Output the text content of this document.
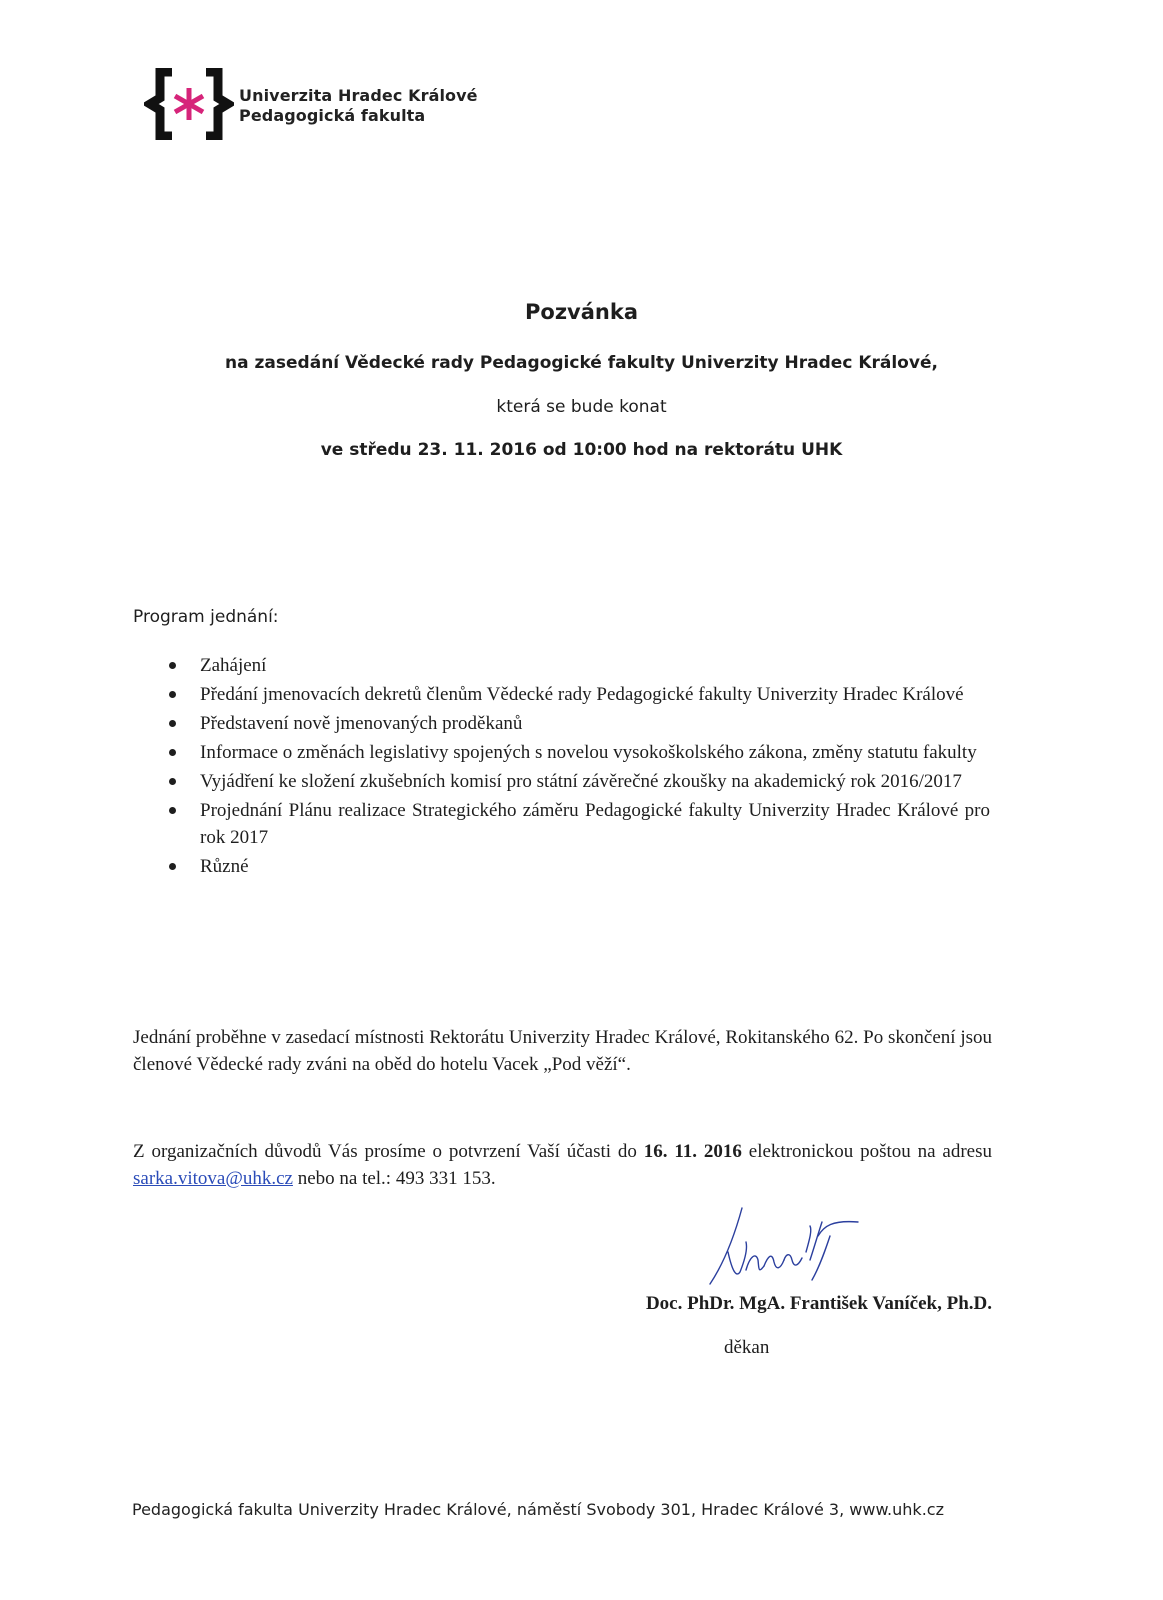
Univerzita Hradec Králové
Pedagogická fakulta
Pozvánka
na zasedání Vědecké rady Pedagogické fakulty Univerzity Hradec Králové,
která se bude konat
ve středu 23. 11. 2016 od 10:00 hod na rektorátu UHK
Program jednání:
Zahájení
Předání jmenovacích dekretů členům Vědecké rady Pedagogické fakulty Univerzity Hradec Králové
Představení nově jmenovaných proděkanů
Informace o změnách legislativy spojených s novelou vysokoškolského zákona, změny statutu fakulty
Vyjádření ke složení zkušebních komisí pro státní závěrečné zkoušky na akademický rok 2016/2017
Projednání Plánu realizace Strategického záměru Pedagogické fakulty Univerzity Hradec Králové pro rok 2017
Různé
Jednání proběhne v zasedací místnosti Rektorátu Univerzity Hradec Králové, Rokitanského 62. Po skončení jsou členové Vědecké rady zváni na oběd do hotelu Vacek „Pod věží“.
Z organizačních důvodů Vás prosíme o potvrzení Vaší účasti do 16. 11. 2016 elektronickou poštou na adresu sarka.vitova@uhk.cz nebo na tel.: 493 331 153.
Doc. PhDr. MgA. František Vaníček, Ph.D.
děkan
Pedagogická fakulta Univerzity Hradec Králové, náměstí Svobody 301, Hradec Králové 3, www.uhk.cz
